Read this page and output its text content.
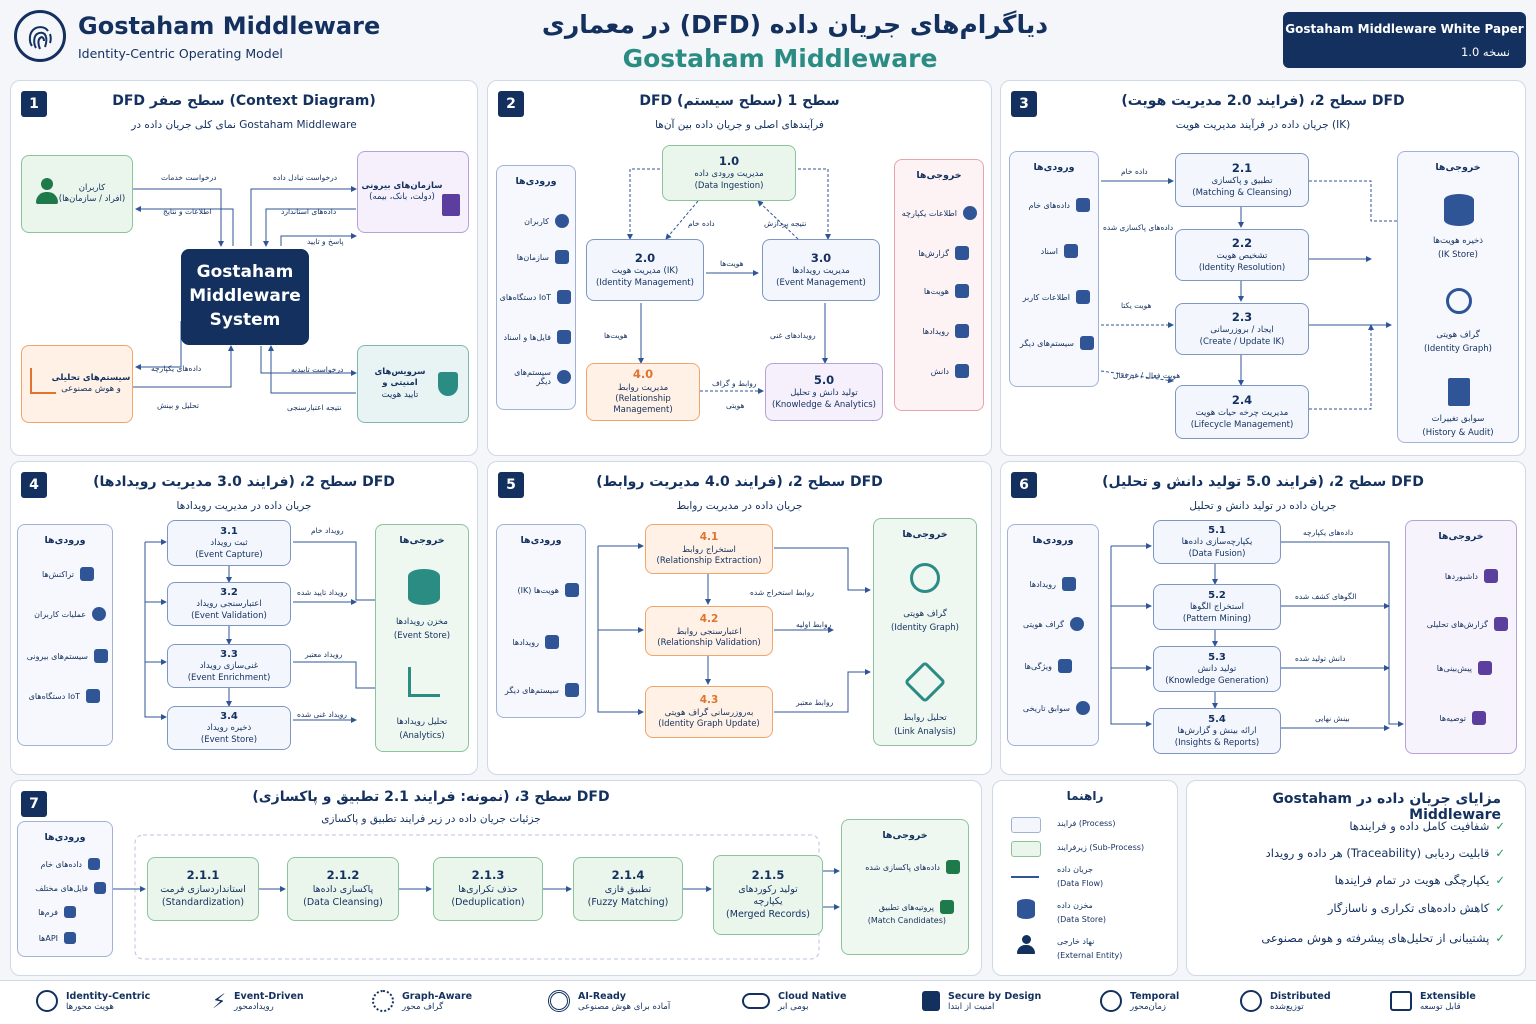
Gostaham Middleware
Identity-Centric Operating Model
دیاگرام‌های جریان داده (DFD) در معماری
Gostaham Middleware
Gostaham Middleware White Paper
نسخه 1.0
1	DFD سطح صفر (Context Diagram)
نمای کلی جریان داده در Gostaham Middleware
کاربران
(افراد / سازمان‌ها)
سازمان‌های بیرونی
(دولت، بانک، بیمه)
Gostaham Middleware System
سیستم‌های تحلیلی
و هوش مصنوعی
سرویس‌های امنیتی و
تایید هویت
درخواست خدمات
اطلاعات و نتایج
درخواست تبادل داده
داده‌های استاندارد
پاسخ و تایید
داده‌های یکپارچه
تحلیل و بینش
درخواست تاییدیه
نتیجه اعتبارسنجی
2	DFD سطح 1 (سطح سیستم)
فرآیندهای اصلی و جریان داده بین آن‌ها
ورودی‌ها
کاربران
سازمان‌ها
IoT دستگاه‌های
فایل‌ها و اسناد
سیستم‌های دیگر
1.0
مدیریت ورودی داده
(Data Ingestion)
2.0
مدیریت هویت (IK)
(Identity Management)
3.0
مدیریت رویدادها
(Event Management)
4.0
مدیریت روابط
(Relationship Management)
5.0
تولید دانش و تحلیل
(Knowledge & Analytics)
داده خام	نتیجه پردازش
هویت‌ها
هویت‌ها	رویدادهای غنی
روابط و گراف
هویتی
خروجی‌ها
اطلاعات یکپارچه
گزارش‌ها
هویت‌ها
رویدادها
دانش
3	سطح 2، (فرایند 2.0 مدیریت هویت) DFD
جریان داده در فرآیند مدیریت هویت (IK)
ورودی‌ها
داده‌های خام
اسناد
اطلاعات کاربر
سیستم‌های دیگر
2.1
تطبیق و پاکسازی
(Matching & Cleansing)
2.2
تشخیص هویت
(Identity Resolution)
2.3
ایجاد / بروزرسانی
(Create / Update IK)
2.4
مدیریت چرخه حیات هویت
(Lifecycle Management)
داده خام
داده‌های پاکسازی شده
هویت یکتا
هویت فعال / غیرفعال
خروجی‌ها
ذخیره هویت‌ها
(IK Store)
گراف هویتی
(Identity Graph)
سوابق تغییرات
(History & Audit)
4	سطح 2، (فرایند 3.0 مدیریت رویدادها) DFD
جریان داده در مدیریت رویدادها
ورودی‌ها
تراکنش‌ها
عملیات کاربران
سیستم‌های بیرونی
IoT دستگاه‌های
3.1
ثبت رویداد
(Event Capture)
3.2
اعتبارسنجی رویداد
(Event Validation)
3.3
غنی‌سازی رویداد
(Event Enrichment)
3.4
ذخیره رویداد
(Event Store)
رویداد خام
رویداد تایید شده
رویداد معتبر
رویداد غنی شده
خروجی‌ها
مخزن رویدادها
(Event Store)
تحلیل رویدادها
(Analytics)
5	سطح 2، (فرایند 4.0 مدیریت روابط) DFD
جریان داده در مدیریت روابط
ورودی‌ها
هویت‌ها (IK)
رویدادها
سیستم‌های دیگر
4.1
استخراج روابط
(Relationship Extraction)
4.2
اعتبارسنجی روابط
(Relationship Validation)
4.3
به‌روزرسانی گراف هویتی
(Identity Graph Update)
روابط استخراج شده
روابط اولیه
روابط معتبر
خروجی‌ها
گراف هویتی
(Identity Graph)
تحلیل روابط
(Link Analysis)
6	سطح 2، (فرایند 5.0 تولید دانش و تحلیل) DFD
جریان داده در تولید دانش و تحلیل
ورودی‌ها
رویدادها
گراف هویتی
ویژگی‌ها
سوابق تاریخی
5.1
یکپارچه‌سازی داده‌ها
(Data Fusion)
5.2
استخراج الگوها
(Pattern Mining)
5.3
تولید دانش
(Knowledge Generation)
5.4
ارائه بینش و گزارش‌ها
(Insights & Reports)
داده‌های یکپارچه
الگوهای کشف شده
دانش تولید شده
بینش نهایی
خروجی‌ها
داشبوردها
گزارش‌های تحلیلی
پیش‌بینی‌ها
توصیه‌ها
7	سطح 3، (نمونه: فرایند 2.1 تطبیق و پاکسازی) DFD
جزئیات جریان داده در زیر فرایند تطبیق و پاکسازی
ورودی‌ها
داده‌های خام
فایل‌های مختلف
فرم‌ها
APIها
2.1.1
استانداردسازی فرمت
(Standardization)
2.1.2
پاکسازی داده‌ها
(Data Cleansing)
2.1.3
حذف تکراری‌ها
(Deduplication)
2.1.4
تطبیق فازی
(Fuzzy Matching)
2.1.5
تولید رکوردهای
یکپارچه
(Merged Records)
خروجی‌ها
داده‌های پاکسازی شده
پروتیه‌های تطبیق
(Match Candidates)
راهنما
فرایند (Process)
زیرفرایند (Sub-Process)
جریان داده
(Data Flow)
مخزن داده
(Data Store)
نهاد خارجی
(External Entity)
مزایای جریان داده در Gostaham Middleware
✓
شفافیت کامل داده و فرایندها
✓
قابلیت ردیابی (Traceability) هر داده و رویداد
✓
یکپارچگی هویت در تمام فرایندها
✓
کاهش داده‌های تکراری و ناسازگار
✓
پشتیبانی از تحلیل‌های پیشرفته و هوش مصنوعی
Identity-Centric
هویت محورها	⚡ Event-Driven
رویدادمحور
Graph-Aware
گراف محور
AI-Ready
آماده برای هوش مصنوعی
Cloud Native
بومی ابر
Secure by Design
امنیت از ابتدا
Temporal
زمان‌محور
Distributed
توزیع‌شده
Extensible
قابل توسعه
